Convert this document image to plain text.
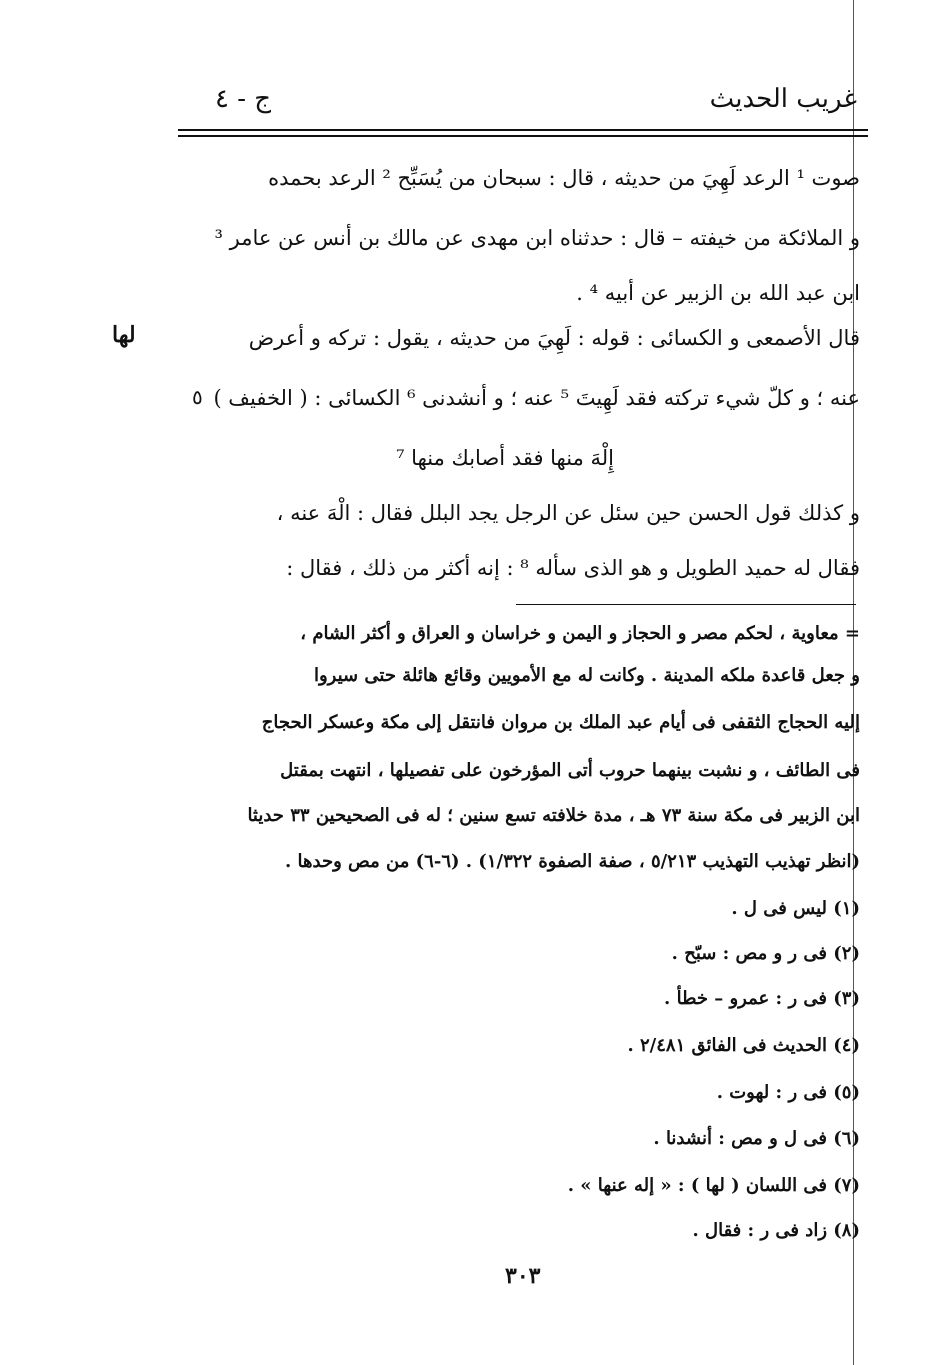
غريب الحديث
ج - ٤
صوت ¹ الرعد لَهِيَ من حديثه ، قال : سبحان من يُسَبِّح ² الرعد بحمده
و الملائكة من خيفته – قال : حدثناه ابن مهدى عن مالك بن أنس عن عامر ³
ابن عبد الله بن الزبير عن أبيه ⁴ .
قال الأصمعى و الكسائى : قوله : لَهِيَ من حديثه ، يقول : تركه و أعرض
عنه ؛ و كلّ شيء تركته فقد لَهِيتَ ⁵ عنه ؛ و أنشدنى ⁶ الكسائى : ( الخفيف )
إِلْهَ منها فقد أصابك منها ⁷
و كذلك قول الحسن حين سئل عن الرجل يجد البلل فقال : الْهَ عنه ،
فقال له حميد الطويل و هو الذى سأله ⁸ : إنه أكثر من ذلك ، فقال :
لها
٥
= معاوية ، لحكم مصر و الحجاز و اليمن و خراسان و العراق و أكثر الشام ،
و جعل قاعدة ملكه المدينة . وكانت له مع الأمويين وقائع هائلة حتى سيروا
إليه الحجاج الثقفى فى أيام عبد الملك بن مروان فانتقل إلى مكة وعسكر الحجاج
فى الطائف ، و نشبت بينهما حروب أتى المؤرخون على تفصيلها ، انتهت بمقتل
ابن الزبير فى مكة سنة ٧٣ هـ ، مدة خلافته تسع سنين ؛ له فى الصحيحين ٣٣ حديثا
(انظر تهذيب التهذيب ٥/٢١٣ ، صفة الصفوة ١/٣٢٢) . (٦-٦) من مص وحدها .
(١) ليس فى ل .
(٢) فى ر و مص : سبّح .
(٣) فى ر : عمرو – خطأ .
(٤) الحديث فى الفائق ٢/٤٨١ .
(٥) فى ر : لهوت .
(٦) فى ل و مص : أنشدنا .
(٧) فى اللسان ( لها ) : « إله عنها » .
(٨) زاد فى ر : فقال .
٣٠٣
